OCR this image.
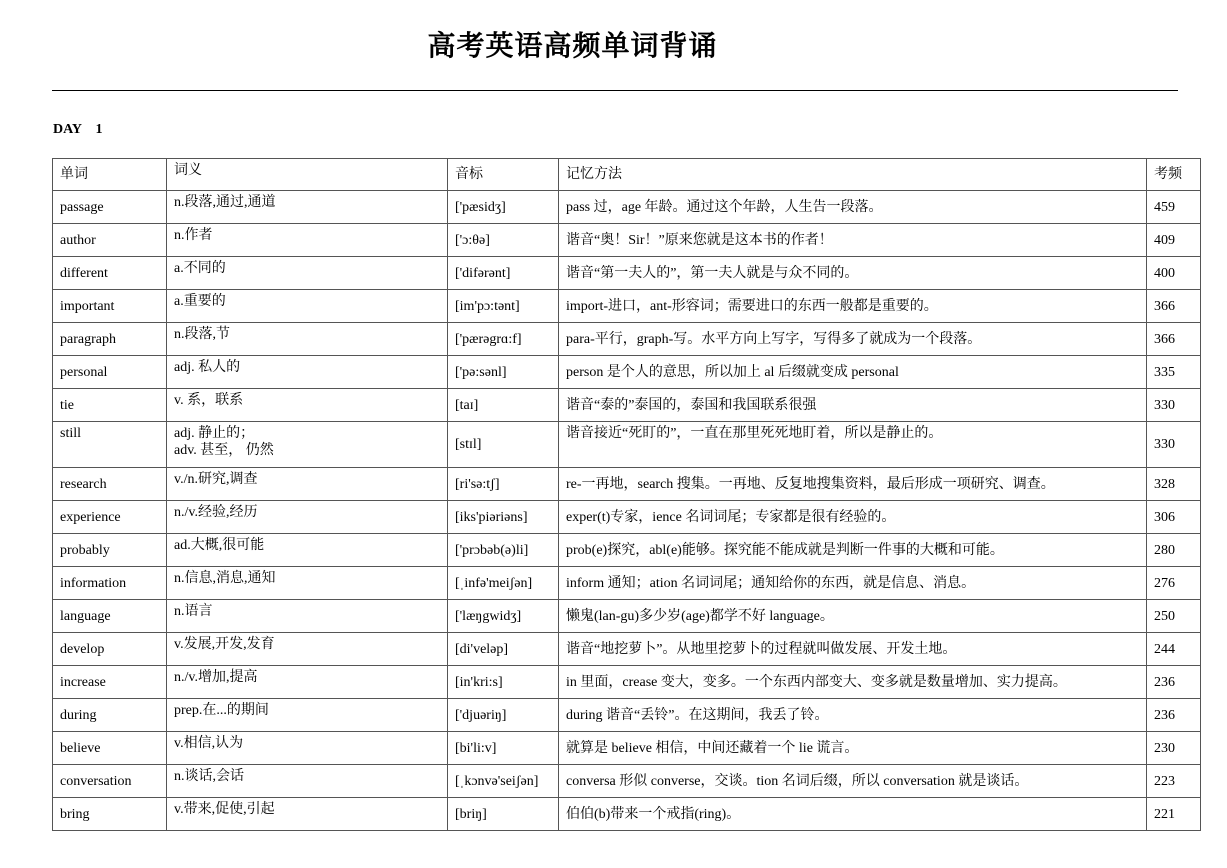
高考英语高频单词背诵
DAY　1
单词	词义	音标	记忆方法	考频
passage	n.段落,通过,通道	['pæsidʒ]	pass 过，age 年龄。通过这个年龄，人生告一段落。	459
author	n.作者	['ɔ:θə]	谐音“奥！Sir！”原来您就是这本书的作者！	409
different	a.不同的	['difərənt]	谐音“第一夫人的”，第一夫人就是与众不同的。	400
important	a.重要的	[im'pɔ:tənt]	import-进口，ant-形容词；需要进口的东西一般都是重要的。	366
paragraph	n.段落,节	['pærəgrɑ:f]	para-平行，graph-写。水平方向上写字，写得多了就成为一个段落。	366
personal	adj. 私人的	['pə:sənl]	person 是个人的意思，所以加上 al 后缀就变成 personal	335
tie	v. 系，联系	[taɪ]	谐音“泰的”泰国的，泰国和我国联系很强	330
still	adj. 静止的；
adv. 甚至， 仍然	[stɪl]	谐音接近“死盯的”，一直在那里死死地盯着，所以是静止的。	330
research	v./n.研究,调查	[ri'sə:tʃ]	re-一再地，search 搜集。一再地、反复地搜集资料，最后形成一项研究、调查。	328
experience	n./v.经验,经历	[iks'piəriəns]	exper(t)专家，ience 名词词尾；专家都是很有经验的。	306
probably	ad.大概,很可能	['prɔbəb(ə)li]	prob(e)探究，abl(e)能够。探究能不能成就是判断一件事的大概和可能。	280
information	n.信息,消息,通知	[ˌinfə'meiʃən]	inform 通知；ation 名词词尾；通知给你的东西，就是信息、消息。	276
language	n.语言	['læŋgwidʒ]	懒鬼(lan-gu)多少岁(age)都学不好 language。	250
develop	v.发展,开发,发育	[di'veləp]	谐音“地挖萝卜”。从地里挖萝卜的过程就叫做发展、开发土地。	244
increase	n./v.增加,提高	[in'kri:s]	in 里面，crease 变大，变多。一个东西内部变大、变多就是数量增加、实力提高。	236
during	prep.在...的期间	['djuəriŋ]	during 谐音“丢铃”。在这期间，我丢了铃。	236
believe	v.相信,认为	[bi'li:v]	就算是 believe 相信，中间还藏着一个 lie 谎言。	230
conversation	n.谈话,会话	[ˌkɔnvə'seiʃən]	conversa 形似 converse，交谈。tion 名词后缀，所以 conversation 就是谈话。	223
bring	v.带来,促使,引起	[briŋ]	伯伯(b)带来一个戒指(ring)。	221
